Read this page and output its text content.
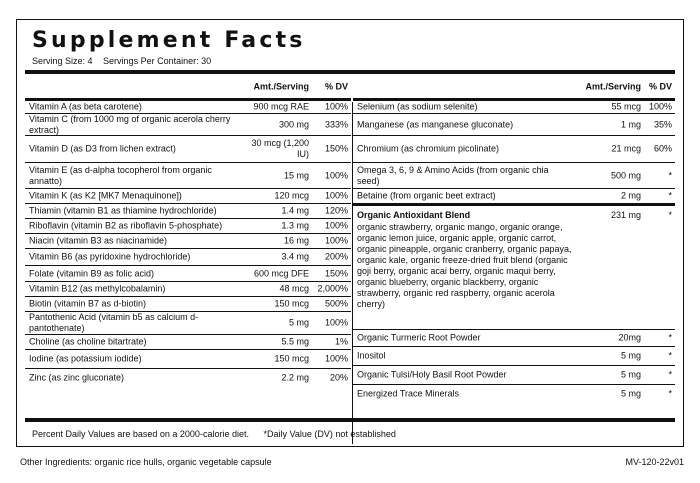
Supplement Facts
Serving Size: 4 Servings Per Container: 30
Amt./Serving % DV
Vitamin A (as beta carotene)	900 mcg RAE 100%
Vitamin C (from 1000 mg of organic acerola cherry extract)
300 mg 333%
Vitamin D (as D3 from lichen extract)
30 mcg (1,200 IU)
150%
Vitamin E (as d-alpha tocopherol from organic annatto)
15 mg 100%
Vitamin K (as K2 [MK7 Menaquinone])	120 mcg 100%
Thiamin (vitamin B1 as thiamine hydrochloride)	1.4 mg 120%
Riboflavin (vitamin B2 as riboflavin 5-phosphate)	1.3 mg 100%
Niacin (vitamin B3 as niacinamide)	16 mg 100%
Vitamin B6 (as pyridoxine hydrochloride)	3.4 mg 200%
Folate (vitamin B9 as folic acid)	600 mcg DFE 150%
Vitamin B12 (as methylcobalamin)	48 mcg 2,000%
Biotin (vitamin B7 as d-biotin)	150 mcg 500%
Pantothenic Acid (vitamin b5 as calcium d-pantothenate)
5 mg 100%
Choline (as choline bitartrate)	5.5 mg	1%
Iodine (as potassium iodide)	150 mcg 100%
Zinc (as zinc gluconate)	2.2 mg 20%
Amt./Serving % DV
Selenium (as sodium selenite)	55 mcg 100%
Manganese (as manganese gluconate)	1 mg 35%
Chromium (as chromium picolinate)	21 mcg 60%
Omega 3, 6, 9 & Amino Acids (from organic chia seed)
500 mg	*
Betaine (from organic beet extract)	2 mg	*
Organic Antioxidant Blend
organic strawberry, organic mango, organic orange, organic lemon juice, organic apple, organic carrot, organic pineapple, organic cranberry, organic papaya, organic kale, organic freeze-dried fruit blend (organic goji berry, organic acai berry, organic maqui berry, organic blueberry, organic blackberry, organic strawberry, organic red raspberry, organic acerola cherry)
231 mg	*
Organic Turmeric Root Powder	20mg	*
Inositol	5 mg	*
Organic Tulsi/Holy Basil Root Powder	5 mg	*
Energized Trace Minerals	5 mg	*
Percent Daily Values are based on a 2000-calorie diet. *Daily Value (DV) not established
Other Ingredients: organic rice hulls, organic vegetable capsule	MV-120-22v01
